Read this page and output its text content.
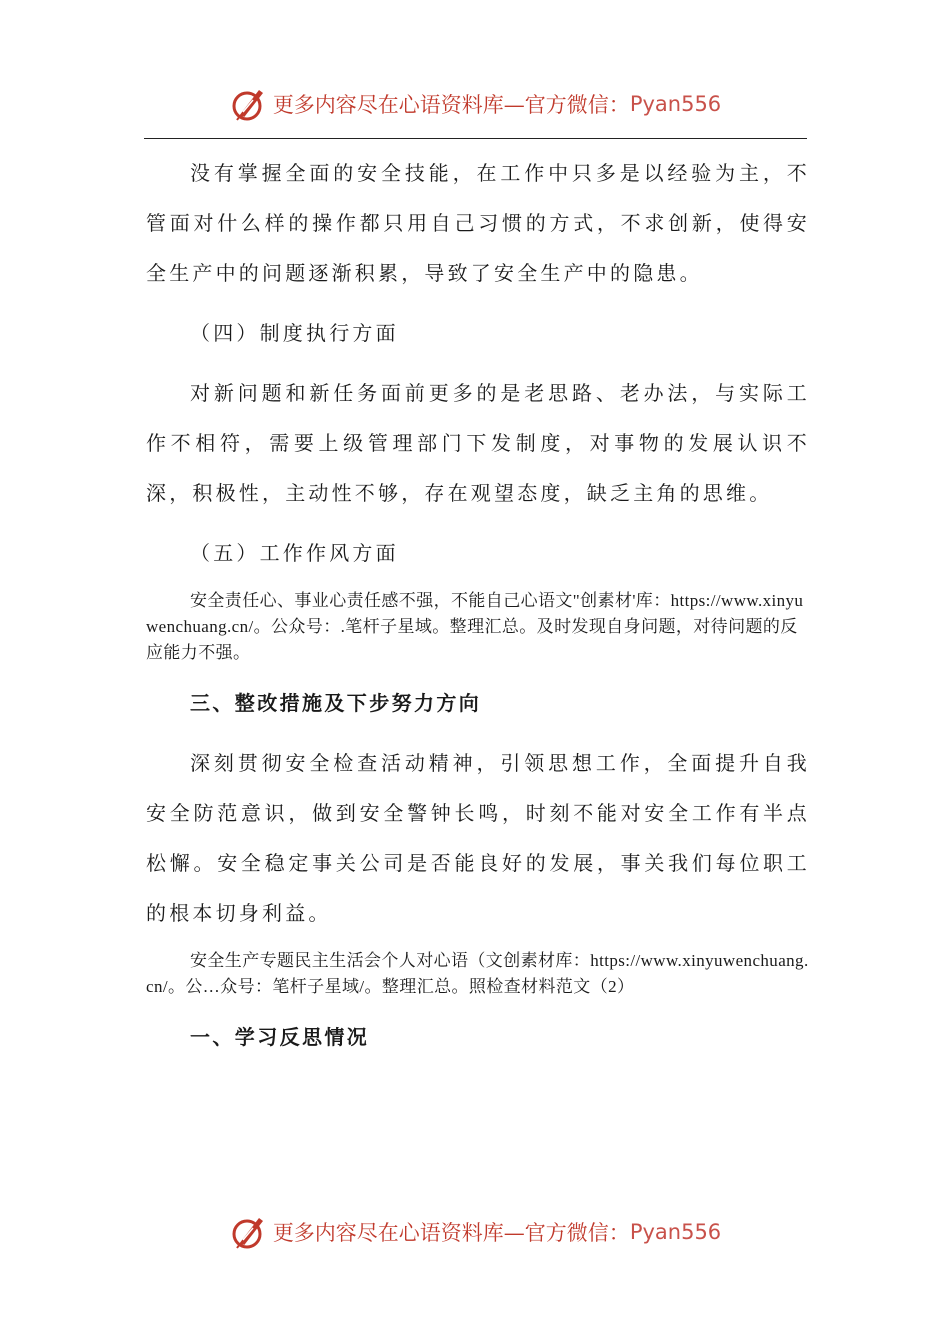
更多内容尽在心语资料库—官方微信： Pyan556

没有掌握全面的安全技能，在工作中只多是以经验为主，不管面对什么样的操作都只用自己习惯的方式，不求创新，使得安全生产中的问题逐渐积累，导致了安全生产中的隐患。

（四）制度执行方面

对新问题和新任务面前更多的是老思路、老办法，与实际工作不相符，需要上级管理部门下发制度，对事物的发展认识不深，积极性，主动性不够，存在观望态度，缺乏主角的思维。

（五）工作作风方面

安全责任心、事业心责任感不强，不能自己心语文"创素材'库：https://www.xinyuwenchuang.cn/。公众号：.笔杆子星域。整理汇总。及时发现自身问题，对待问题的反应能力不强。

三、整改措施及下步努力方向

深刻贯彻安全检查活动精神，引领思想工作，全面提升自我安全防范意识，做到安全警钟长鸣，时刻不能对安全工作有半点松懈。安全稳定事关公司是否能良好的发展，事关我们每位职工的根本切身利益。

安全生产专题民主生活会个人对心语（文创素材库：https://www.xinyuwenchuang.cn/。公…众号：笔杆子星域/。整理汇总。照检查材料范文（2）

一、学习反思情况

更多内容尽在心语资料库—官方微信： Pyan556
